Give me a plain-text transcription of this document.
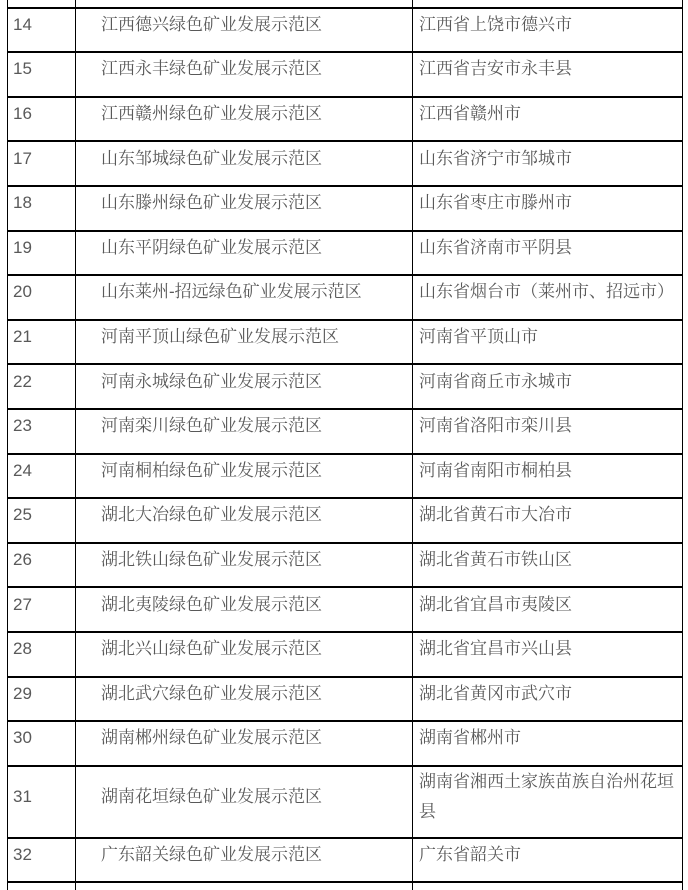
14	江西德兴绿色矿业发展示范区	江西省上饶市德兴市
15	江西永丰绿色矿业发展示范区	江西省吉安市永丰县
16	江西赣州绿色矿业发展示范区	江西省赣州市
17	山东邹城绿色矿业发展示范区	山东省济宁市邹城市
18	山东滕州绿色矿业发展示范区	山东省枣庄市滕州市
19	山东平阴绿色矿业发展示范区	山东省济南市平阴县
20	山东莱州-招远绿色矿业发展示范区	山东省烟台市（莱州市、招远市）
21	河南平顶山绿色矿业发展示范区	河南省平顶山市
22	河南永城绿色矿业发展示范区	河南省商丘市永城市
23	河南栾川绿色矿业发展示范区	河南省洛阳市栾川县
24	河南桐柏绿色矿业发展示范区	河南省南阳市桐柏县
25	湖北大冶绿色矿业发展示范区	湖北省黄石市大冶市
26	湖北铁山绿色矿业发展示范区	湖北省黄石市铁山区
27	湖北夷陵绿色矿业发展示范区	湖北省宜昌市夷陵区
28	湖北兴山绿色矿业发展示范区	湖北省宜昌市兴山县
29	湖北武穴绿色矿业发展示范区	湖北省黄冈市武穴市
30	湖南郴州绿色矿业发展示范区	湖南省郴州市
31	湖南花垣绿色矿业发展示范区	湖南省湘西土家族苗族自治州花垣县
32	广东韶关绿色矿业发展示范区	广东省韶关市
